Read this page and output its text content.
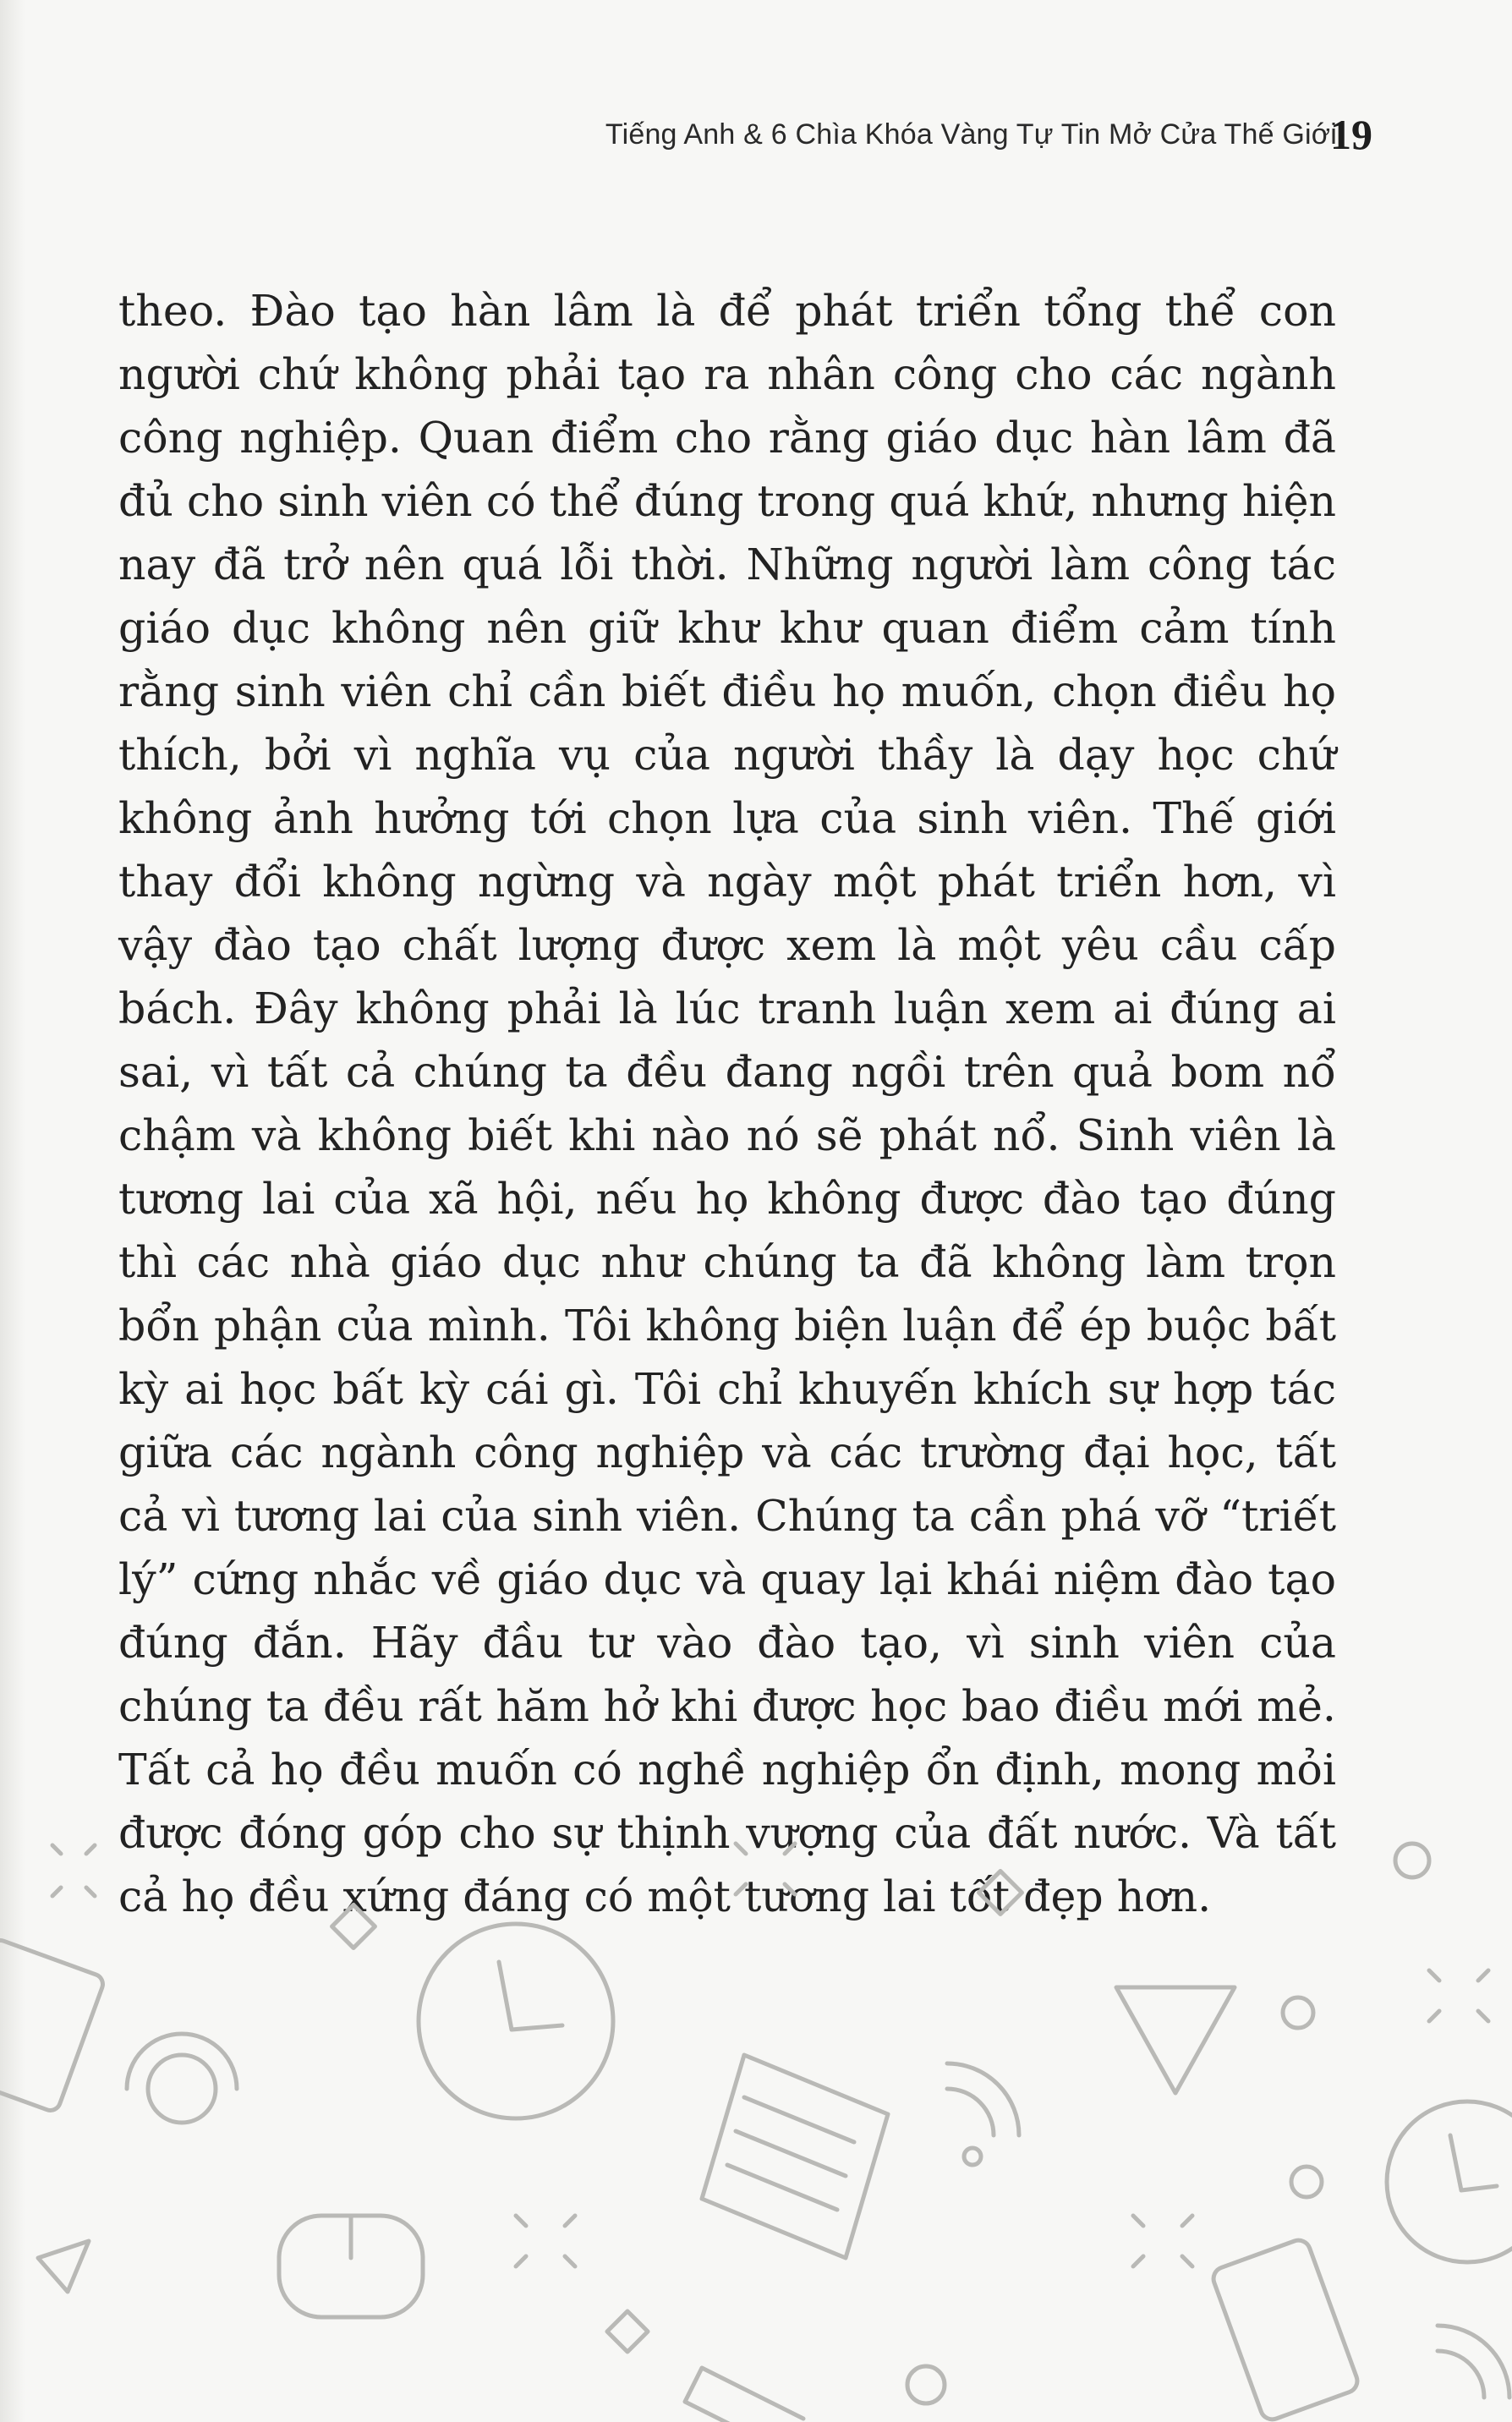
Tiếng Anh & 6 Chìa Khóa Vàng Tự Tin Mở Cửa Thế Giới
19

theo. Đào tạo hàn lâm là để phát triển tổng thể con người chứ không phải tạo ra nhân công cho các ngành công nghiệp. Quan điểm cho rằng giáo dục hàn lâm đã đủ cho sinh viên có thể đúng trong quá khứ, nhưng hiện nay đã trở nên quá lỗi thời. Những người làm công tác giáo dục không nên giữ khư khư quan điểm cảm tính rằng sinh viên chỉ cần biết điều họ muốn, chọn điều họ thích, bởi vì nghĩa vụ của người thầy là dạy học chứ không ảnh hưởng tới chọn lựa của sinh viên. Thế giới thay đổi không ngừng và ngày một phát triển hơn, vì vậy đào tạo chất lượng được xem là một yêu cầu cấp bách. Đây không phải là lúc tranh luận xem ai đúng ai sai, vì tất cả chúng ta đều đang ngồi trên quả bom nổ chậm và không biết khi nào nó sẽ phát nổ. Sinh viên là tương lai của xã hội, nếu họ không được đào tạo đúng thì các nhà giáo dục như chúng ta đã không làm trọn bổn phận của mình. Tôi không biện luận để ép buộc bất kỳ ai học bất kỳ cái gì. Tôi chỉ khuyến khích sự hợp tác giữa các ngành công nghiệp và các trường đại học, tất cả vì tương lai của sinh viên. Chúng ta cần phá vỡ “triết lý” cứng nhắc về giáo dục và quay lại khái niệm đào tạo đúng đắn. Hãy đầu tư vào đào tạo, vì sinh viên của chúng ta đều rất hăm hở khi được học bao điều mới mẻ. Tất cả họ đều muốn có nghề nghiệp ổn định, mong mỏi được đóng góp cho sự thịnh vượng của đất nước. Và tất cả họ đều xứng đáng có một tương lai tốt đẹp hơn.
